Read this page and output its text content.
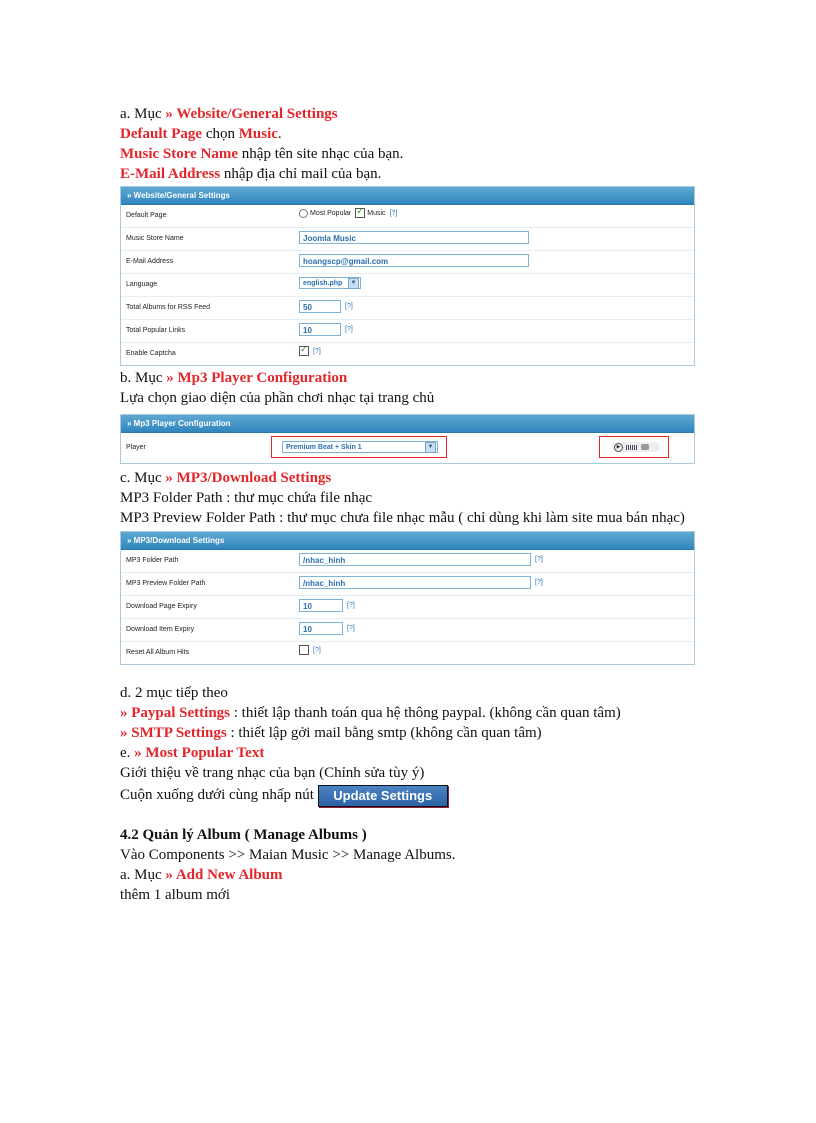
a. Mục » Website/General Settings
Default Page chọn Music.
Music Store Name nhập tên site nhạc của bạn.
E-Mail Address nhập địa chỉ mail của bạn.
» Website/General Settings
Default Page	Most Popular ✓ Music [?]
Music Store Name	Joomla Music
E-Mail Address	hoangscp@gmail.com
Language	english.php	▼
Total Albums for RSS Feed	50	[?]
Total Popular Links	10	[?]
Enable Captcha ✓	[?]
b. Mục » Mp3 Player Configuration
Lựa chọn giao diện của phần chơi nhạc tại trang chủ
» Mp3 Player Configuration
Player	Premium Beat + Skin 1	▼	▶
c. Mục » MP3/Download Settings
MP3 Folder Path : thư mục chứa file nhạc
MP3 Preview Folder Path : thư mục chưa file nhạc mẫu ( chỉ dùng khi làm site mua bán nhạc)
» MP3/Download Settings
MP3 Folder Path	/nhac_hinh	[?]
MP3 Preview Folder Path	/nhac_hinh	[?]
Download Page Expiry	10	[?]
Download Item Expiry	10	[?]
Reset All Album Hits	[?]
d. 2 mục tiếp theo
» Paypal Settings : thiết lập thanh toán qua hệ thông paypal. (không cần quan tâm)
» SMTP Settings : thiết lập gởi mail bằng smtp (không cần quan tâm)
e. » Most Popular Text
Giới thiệu về trang nhạc của bạn (Chỉnh sửa tùy ý)
Cuộn xuống dưới cùng nhấp nút Update Settings
4.2 Quản lý Album ( Manage Albums )
Vào Components >> Maian Music >> Manage Albums.
a. Mục » Add New Album
thêm 1 album mới
